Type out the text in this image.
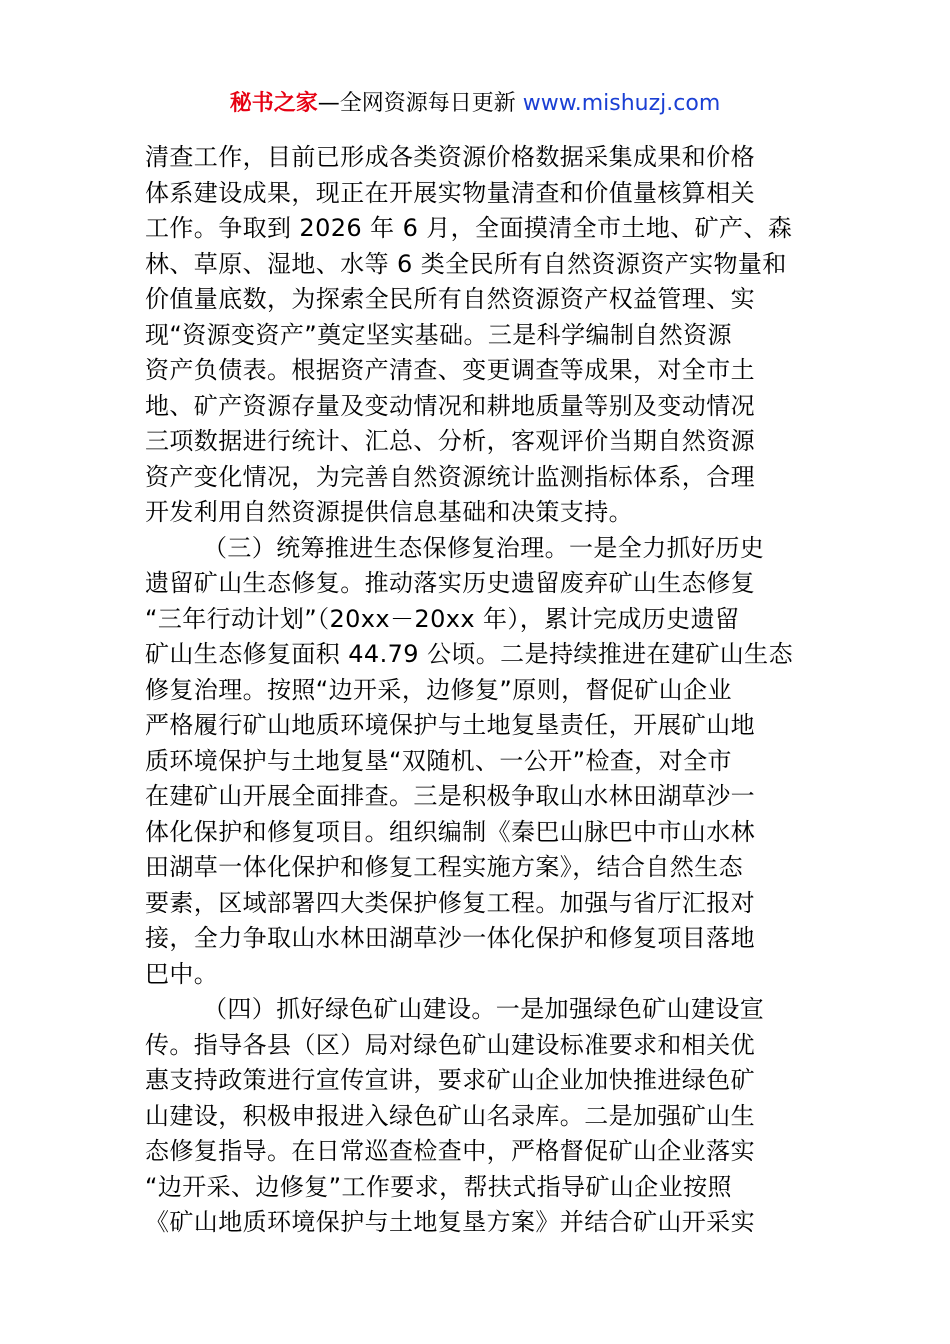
秘书之家—全网资源每日更新 www.mishuzj.com
清查工作，目前已形成各类资源价格数据采集成果和价格
体系建设成果，现正在开展实物量清查和价值量核算相关
工作。争取到 2026 年 6 月，全面摸清全市土地、矿产、森
林、草原、湿地、水等 6 类全民所有自然资源资产实物量和
价值量底数，为探索全民所有自然资源资产权益管理、实
现“资源变资产”奠定坚实基础。三是科学编制自然资源
资产负债表。根据资产清查、变更调查等成果，对全市土
地、矿产资源存量及变动情况和耕地质量等别及变动情况
三项数据进行统计、汇总、分析，客观评价当期自然资源
资产变化情况，为完善自然资源统计监测指标体系，合理
开发利用自然资源提供信息基础和决策支持。
（三）统筹推进生态保修复治理。一是全力抓好历史
遗留矿山生态修复。推动落实历史遗留废弃矿山生态修复
“三年行动计划”（20xx－20xx 年），累计完成历史遗留
矿山生态修复面积 44.79 公顷。二是持续推进在建矿山生态
修复治理。按照“边开采，边修复”原则，督促矿山企业
严格履行矿山地质环境保护与土地复垦责任，开展矿山地
质环境保护与土地复垦“双随机、一公开”检查，对全市
在建矿山开展全面排查。三是积极争取山水林田湖草沙一
体化保护和修复项目。组织编制《秦巴山脉巴中市山水林
田湖草一体化保护和修复工程实施方案》，结合自然生态
要素，区域部署四大类保护修复工程。加强与省厅汇报对
接，全力争取山水林田湖草沙一体化保护和修复项目落地
巴中。
（四）抓好绿色矿山建设。一是加强绿色矿山建设宣
传。指导各县（区）局对绿色矿山建设标准要求和相关优
惠支持政策进行宣传宣讲，要求矿山企业加快推进绿色矿
山建设，积极申报进入绿色矿山名录库。二是加强矿山生
态修复指导。在日常巡查检查中，严格督促矿山企业落实
“边开采、边修复”工作要求，帮扶式指导矿山企业按照
《矿山地质环境保护与土地复垦方案》并结合矿山开采实
